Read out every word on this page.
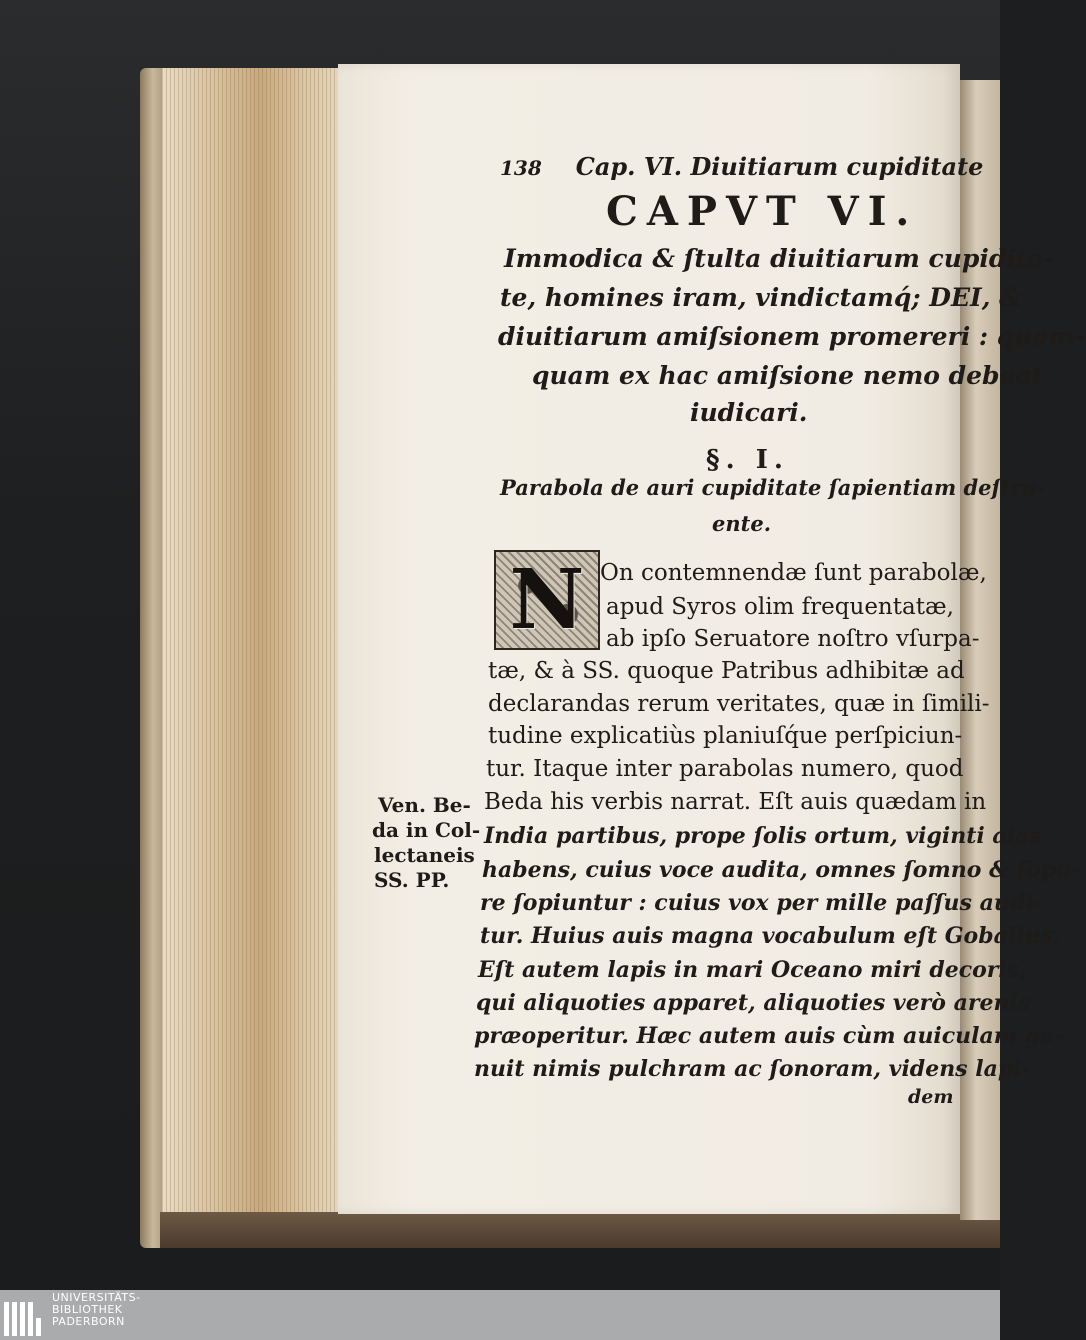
138 Cap. VI. Diuitiarum cupiditate
CAPVT VI.
Immodica & ſtulta diuitiarum cupidita-
te, homines iram, vindictamq́; DEI, &
diuitiarum amiſsionem promereri : quam-
quam ex hac amiſsione nemo debeat
iudicari.
§. I.
Parabola de auri cupiditate ſapientiam deſtru-
ente.
N On contemnendæ ſunt parabolæ,
apud Syros olim frequentatæ,
ab ipſo Seruatore noſtro vſurpa-
tæ, & à SS. quoque Patribus adhibitæ ad
declarandas rerum veritates, quæ in ſimili-
tudine explicatiùs planiuſq́ue perſpiciun-
tur. Itaque inter parabolas numero, quod
Beda his verbis narrat. Eſt auis quædam in
India partibus, prope ſolis ortum, viginti alas
habens, cuius voce audita, omnes ſomno & ſopo-
re ſopiuntur : cuius vox per mille paſſus audi-
tur. Huius auis magna vocabulum eſt Goballus.
Eſt autem lapis in mari Oceano miri decoris,
qui aliquoties apparet, aliquoties verò arenis
præoperitur. Hæc autem auis cùm auiculam ge-
nuit nimis pulchram ac ſonoram, videns lapi-
dem
Ven. Be-
da in Col-
lectaneis
SS. PP.
UNIVERSITÄTS-
BIBLIOTHEK
PADERBORN
